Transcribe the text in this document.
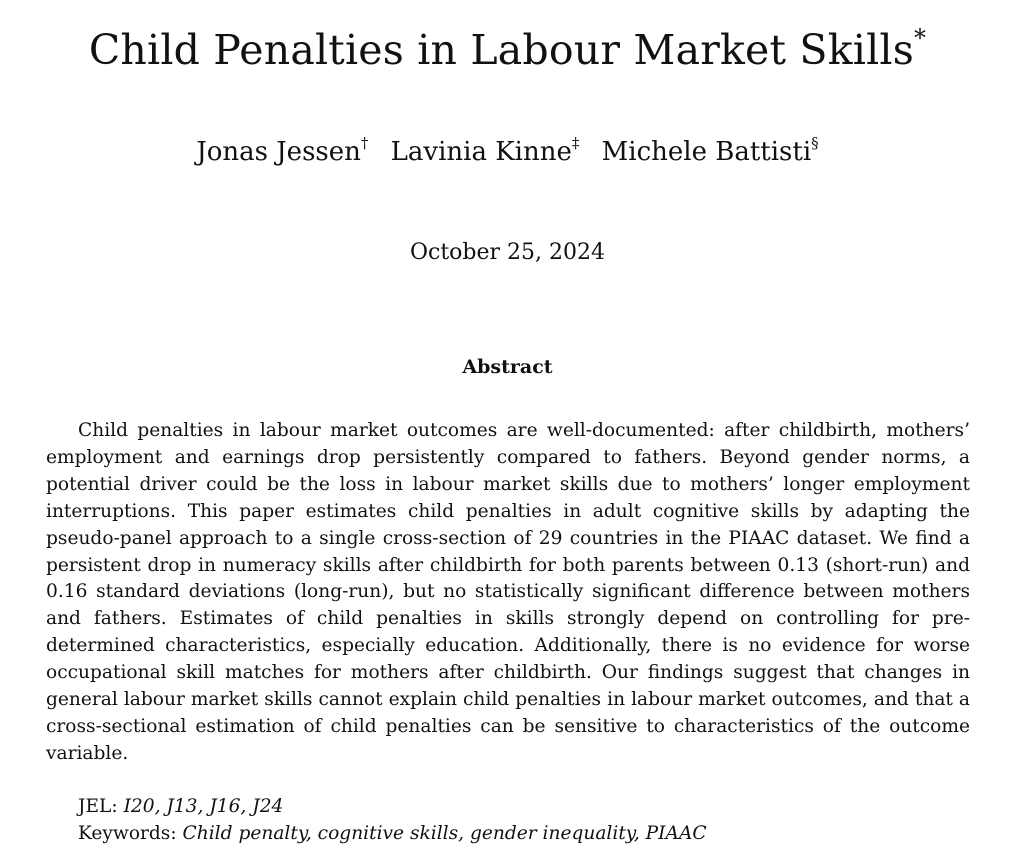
Child Penalties in Labour Market Skills*
Jonas Jessen† Lavinia Kinne‡ Michele Battisti§
October 25, 2024
Abstract

Child penalties in labour market outcomes are well-documented: after childbirth, mothers’ employment and earnings drop persistently compared to fathers. Beyond gender norms, a potential driver could be the loss in labour market skills due to mothers’ longer employment interruptions. This paper estimates child penalties in adult cognitive skills by adapting the pseudo-panel approach to a single cross-section of 29 countries in the PIAAC dataset. We find a persistent drop in numeracy skills after childbirth for both parents between 0.13 (short-run) and 0.16 standard deviations (long-run), but no statistically significant difference between mothers and fathers. Estimates of child penalties in skills strongly depend on controlling for pre-determined characteristics, especially education. Additionally, there is no evidence for worse occupational skill matches for mothers after childbirth. Our findings suggest that changes in general labour market skills cannot explain child penalties in labour market outcomes, and that a cross-sectional estimation of child penalties can be sensitive to characteristics of the outcome variable.

JEL: I20, J13, J16, J24
Keywords: Child penalty, cognitive skills, gender inequality, PIAAC
